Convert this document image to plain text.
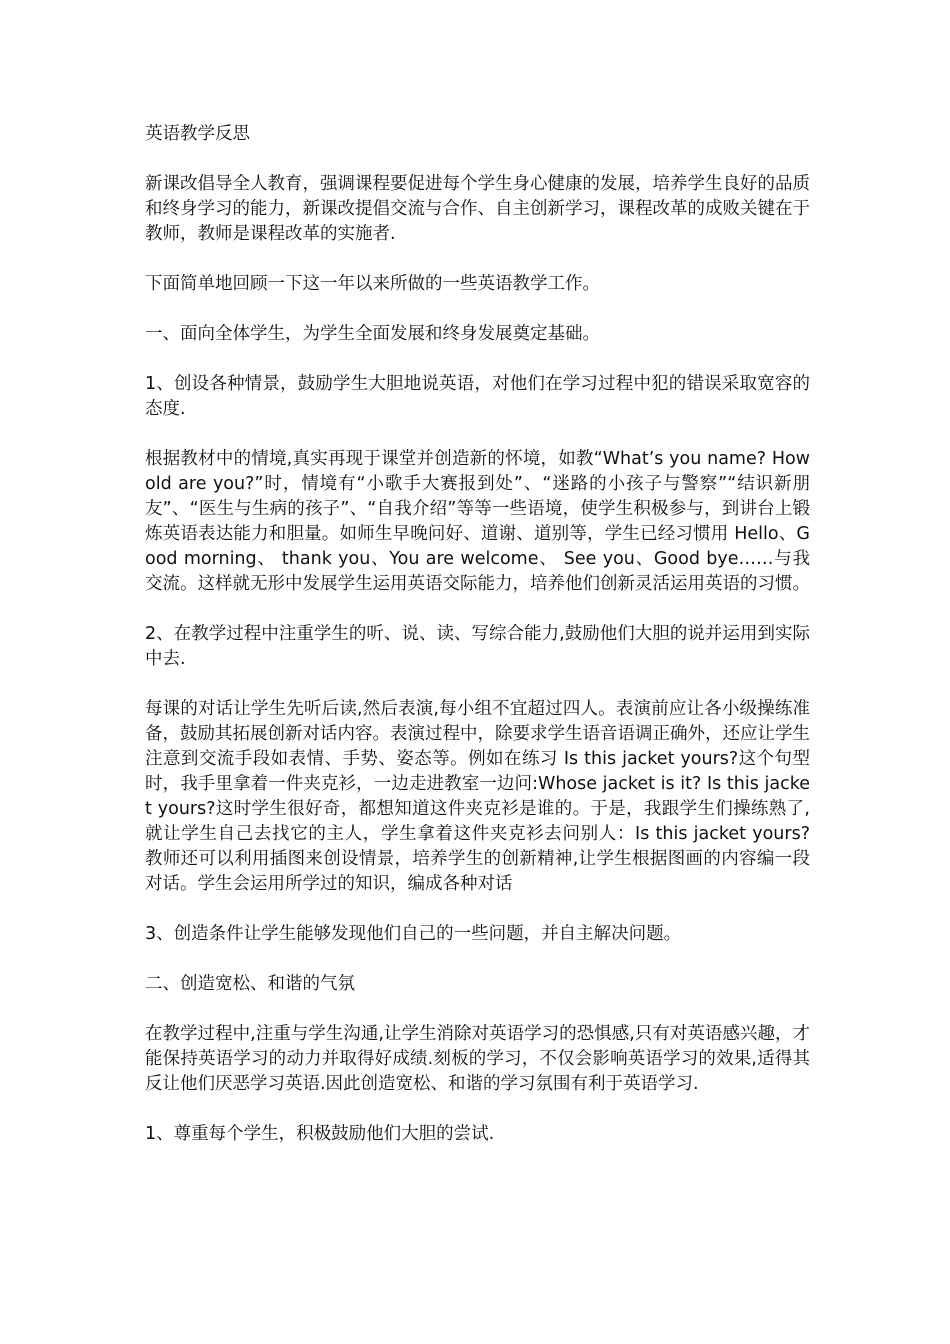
英语教学反思

新课改倡导全人教育，强调课程要促进每个学生身心健康的发展，培养学生良好的品质和终身学习的能力，新课改提倡交流与合作、自主创新学习，课程改革的成败关键在于教师，教师是课程改革的实施者.

下面简单地回顾一下这一年以来所做的一些英语教学工作。

一、面向全体学生，为学生全面发展和终身发展奠定基础。

1、创设各种情景，鼓励学生大胆地说英语，对他们在学习过程中犯的错误采取宽容的态度.

根据教材中的情境,真实再现于课堂并创造新的怀境，如教“What’s you name? How old are you?”时，情境有“小歌手大赛报到处”、“迷路的小孩子与警察”“结识新朋友”、“医生与生病的孩子”、“自我介绍”等等一些语境，使学生积极参与，到讲台上锻炼英语表达能力和胆量。如师生早晚问好、道谢、道别等，学生已经习惯用 Hello、Good morning、 thank you、You are welcome、 See you、Good bye……与我交流。这样就无形中发展学生运用英语交际能力，培养他们创新灵活运用英语的习惯。

2、在教学过程中注重学生的听、说、读、写综合能力,鼓励他们大胆的说并运用到实际中去.

每课的对话让学生先听后读,然后表演,每小组不宜超过四人。表演前应让各小级操练准备，鼓励其拓展创新对话内容。表演过程中，除要求学生语音语调正确外，还应让学生注意到交流手段如表情、手势、姿态等。例如在练习 Is this jacket yours?这个句型时，我手里拿着一件夹克衫，一边走进教室一边问:Whose jacket is it? Is this jacket yours?这时学生很好奇，都想知道这件夹克衫是谁的。于是，我跟学生们操练熟了,就让学生自己去找它的主人，学生拿着这件夹克衫去问别人：Is this jacket yours? 教师还可以利用插图来创设情景，培养学生的创新精神,让学生根据图画的内容编一段对话。学生会运用所学过的知识，编成各种对话

3、创造条件让学生能够发现他们自己的一些问题，并自主解决问题。

二、创造宽松、和谐的气氛

在教学过程中,注重与学生沟通,让学生消除对英语学习的恐惧感,只有对英语感兴趣，才能保持英语学习的动力并取得好成绩.刻板的学习，不仅会影响英语学习的效果,适得其反让他们厌恶学习英语.因此创造宽松、和谐的学习氛围有利于英语学习.

1、尊重每个学生，积极鼓励他们大胆的尝试.
